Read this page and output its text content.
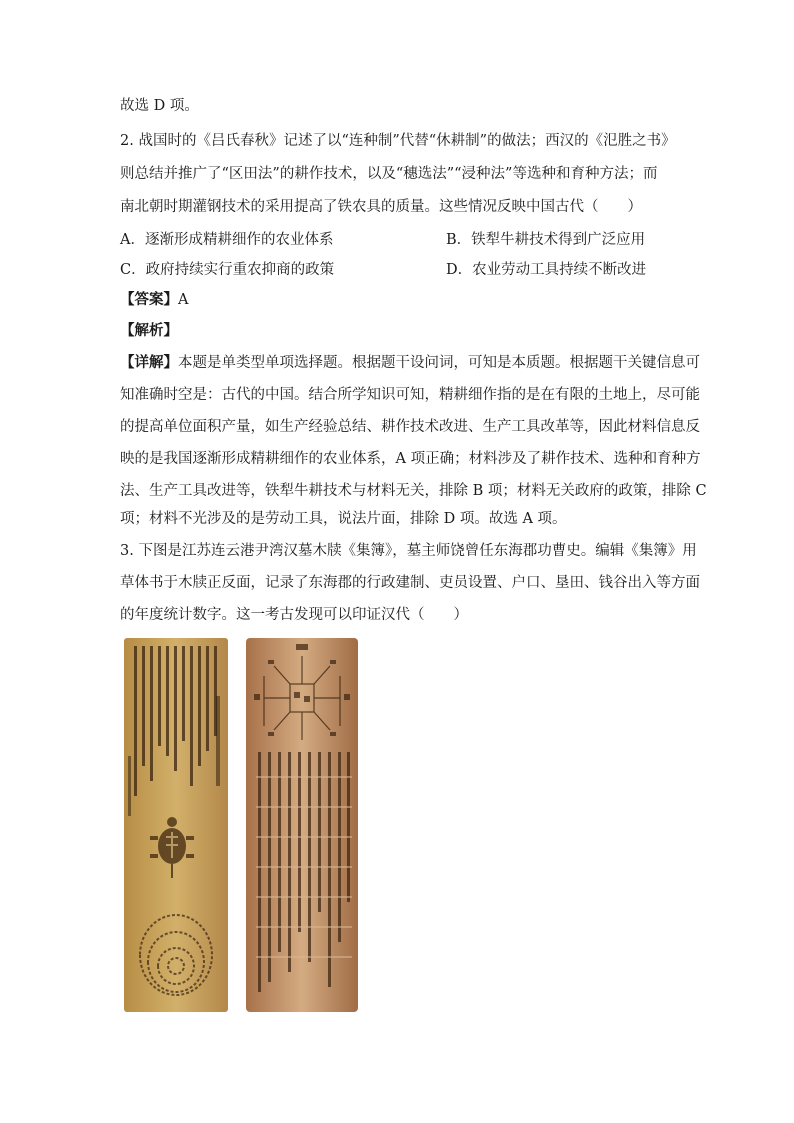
故选 D 项。
2. 战国时的《吕氏春秋》记述了以“连种制”代替“休耕制”的做法；西汉的《氾胜之书》
则总结并推广了“区田法”的耕作技术，以及“穗选法”“浸种法”等选种和育种方法；而
南北朝时期灌钢技术的采用提高了铁农具的质量。这些情况反映中国古代（　　）
A．逐渐形成精耕细作的农业体系	B．铁犁牛耕技术得到广泛应用
C．政府持续实行重农抑商的政策	D．农业劳动工具持续不断改进
【答案】A
【解析】
【详解】本题是单类型单项选择题。根据题干设问词，可知是本质题。根据题干关键信息可
知准确时空是：古代的中国。结合所学知识可知，精耕细作指的是在有限的土地上，尽可能
的提高单位面积产量，如生产经验总结、耕作技术改进、生产工具改革等，因此材料信息反
映的是我国逐渐形成精耕细作的农业体系，A 项正确；材料涉及了耕作技术、选种和育种方
法、生产工具改进等，铁犁牛耕技术与材料无关，排除 B 项；材料无关政府的政策，排除 C
项；材料不光涉及的是劳动工具，说法片面，排除 D 项。故选 A 项。
3. 下图是江苏连云港尹湾汉墓木牍《集簿》，墓主师饶曾任东海郡功曹史。编辑《集簿》用
草体书于木牍正反面，记录了东海郡的行政建制、吏员设置、户口、垦田、钱谷出入等方面
的年度统计数字。这一考古发现可以印证汉代（　　）
